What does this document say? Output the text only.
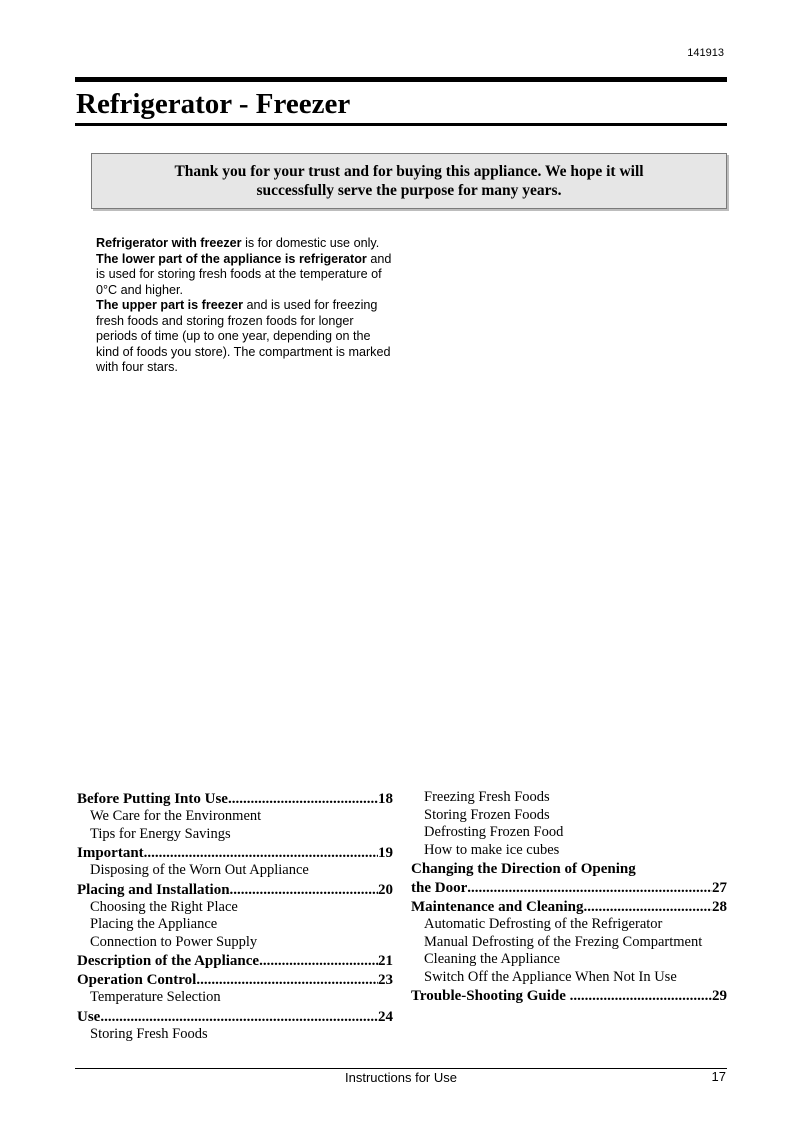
141913
Refrigerator - Freezer
Thank you for your trust and for buying this appliance. We hope it will successfully serve the purpose for many years.

Refrigerator with freezer is for domestic use only.

The lower part of the appliance is refrigerator and is used for storing fresh foods at the temperature of 0°C and higher.

The upper part is freezer and is used for freezing fresh foods and storing frozen foods for longer periods of time (up to one year, depending on the kind of foods you store). The compartment is marked with four stars.

Before Putting Into Use .....	18
We Care for the Environment
Tips for Energy Savings
Important .....	19
Disposing of the Worn Out Appliance
Placing and Installation .....	20
Choosing the Right Place
Placing the Appliance
Connection to Power Supply
Description of the Appliance .....	21
Operation Control .....	23
Temperature Selection
Use .....	24
Storing Fresh Foods
Freezing Fresh Foods
Storing Frozen Foods
Defrosting Frozen Food
How to make ice cubes
Changing the Direction of Opening
the Door .....	27
Maintenance and Cleaning .....	28
Automatic Defrosting of the Refrigerator
Manual Defrosting of the Frezing Compartment
Cleaning the Appliance
Switch Off the Appliance When Not In Use
Trouble-Shooting Guide .....	29
Instructions for Use	17
